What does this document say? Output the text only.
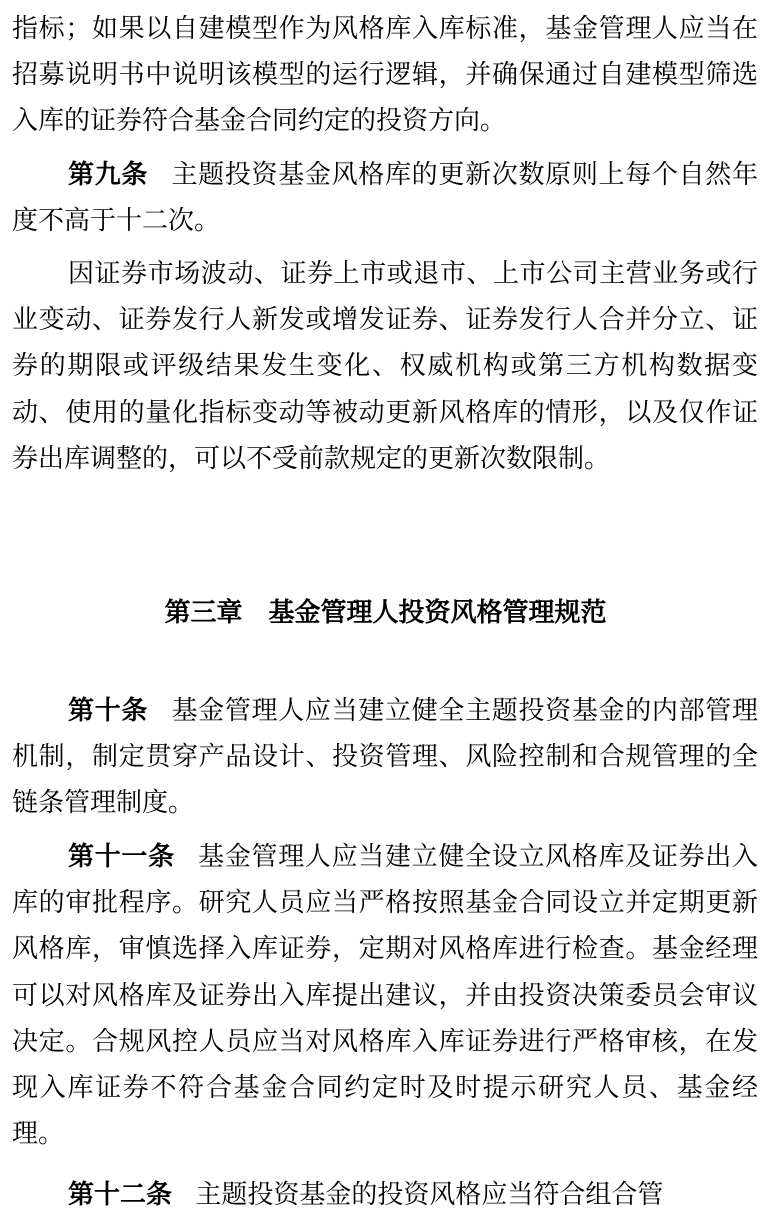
指标；如果以自建模型作为风格库入库标准，基金管理人应当在招募说明书中说明该模型的运行逻辑，并确保通过自建模型筛选入库的证券符合基金合同约定的投资方向。

第九条 主题投资基金风格库的更新次数原则上每个自然年度不高于十二次。

因证券市场波动、证券上市或退市、上市公司主营业务或行业变动、证券发行人新发或增发证券、证券发行人合并分立、证券的期限或评级结果发生变化、权威机构或第三方机构数据变动、使用的量化指标变动等被动更新风格库的情形，以及仅作证券出库调整的，可以不受前款规定的更新次数限制。

第三章　 基金管理人投资风格管理规范

第十条 基金管理人应当建立健全主题投资基金的内部管理机制，制定贯穿产品设计、投资管理、风险控制和合规管理的全链条管理制度。

第十一条 基金管理人应当建立健全设立风格库及证券出入库的审批程序。研究人员应当严格按照基金合同设立并定期更新风格库，审慎选择入库证券，定期对风格库进行检查。基金经理可以对风格库及证券出入库提出建议，并由投资决策委员会审议决定。合规风控人员应当对风格库入库证券进行严格审核，在发现入库证券不符合基金合同约定时及时提示研究人员、基金经理。

第十二条 主题投资基金的投资风格应当符合组合管
